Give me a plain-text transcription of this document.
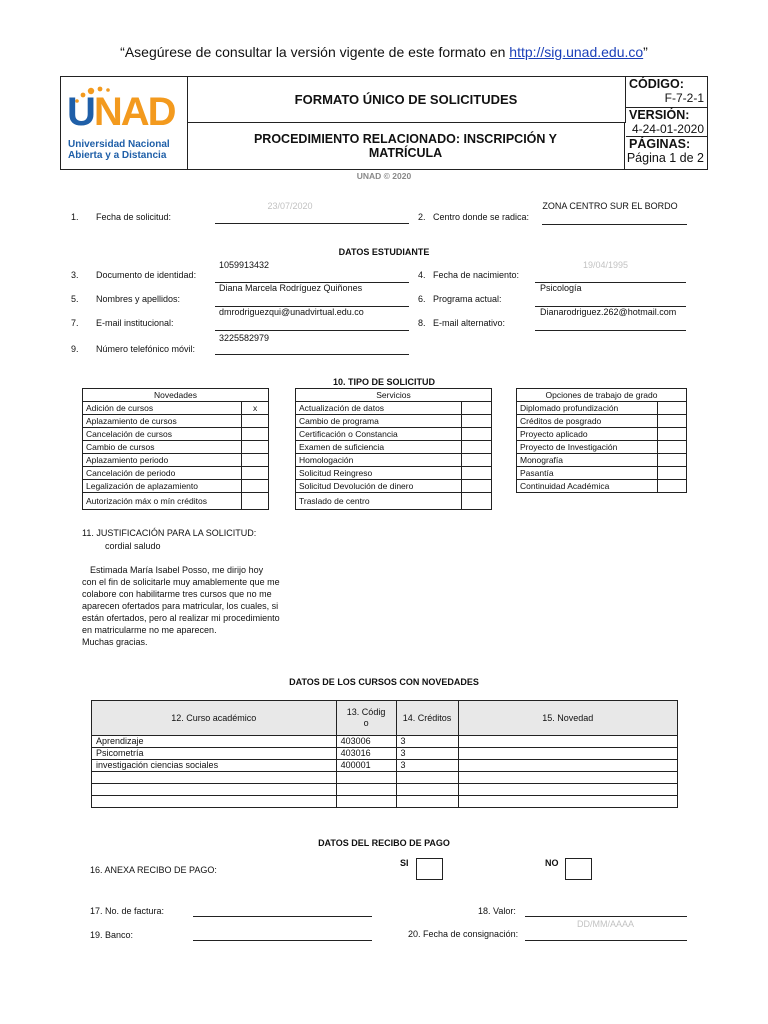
“Asegúrese de consultar la versión vigente de este formato en http://sig.unad.edu.co”
UNAD
Universidad Nacional
Abierta y a Distancia
FORMATO ÚNICO DE SOLICITUDES
PROCEDIMIENTO RELACIONADO: INSCRIPCIÓN Y MATRÍCULA
CÓDIGO:
F-7-2-1
VERSIÓN:
4-24-01-2020
PÁGINAS:
Página 1 de 2
UNAD © 2020
1. Fecha de solicitud:
23/07/2020
2. Centro donde se radica:
ZONA CENTRO SUR EL BORDO
DATOS ESTUDIANTE
3. Documento de identidad:
1059913432
4. Fecha de nacimiento:
19/04/1995
5. Nombres y apellidos:
Diana Marcela Rodríguez Quiñones
6. Programa actual:
Psicología
7. E-mail institucional:
dmrodriguezqui@unadvirtual.edu.co
8. E-mail alternativo:
Dianarodriguez.262@hotmail.com
9. Número telefónico móvil:
3225582979
10. TIPO DE SOLICITUD
Novedades	
Adición de cursos	x
Aplazamiento de cursos	
Cancelación de cursos	
Cambio de cursos	
Aplazamiento periodo	
Cancelación de periodo	
Legalización de aplazamiento	
Autorización máx o mín créditos	
Servicios	
Actualización de datos	
Cambio de programa	
Certificación o Constancia	
Examen de suficiencia	
Homologación	
Solicitud Reingreso	
Solicitud Devolución de dinero	
Traslado de centro	
Opciones de trabajo de grado	
Diplomado profundización	
Créditos de posgrado	
Proyecto aplicado	
Proyecto de Investigación	
Monografía	
Pasantía	
Continuidad Académica	
11. JUSTIFICACIÓN PARA LA SOLICITUD:
cordial saludo
Estimada María Isabel Posso, me dirijo hoy
con el fin de solicitarle muy amablemente que me
colabore con habilitarme tres cursos que no me
aparecen ofertados para matricular, los cuales, si
están ofertados, pero al realizar mi procedimiento
en matricularme no me aparecen.
Muchas gracias.
DATOS DE LOS CURSOS CON NOVEDADES
12. Curso académico	13. Códig
o	14. Créditos	15. Novedad
Aprendizaje	403006	3	
Psicometría	403016	3	
investigación ciencias sociales	400001	3	

DATOS DEL RECIBO DE PAGO
16. ANEXA RECIBO DE PAGO:
SI	NO
17. No. de factura:	18. Valor:
19. Banco:	20. Fecha de consignación:
DD/MM/AAAA
